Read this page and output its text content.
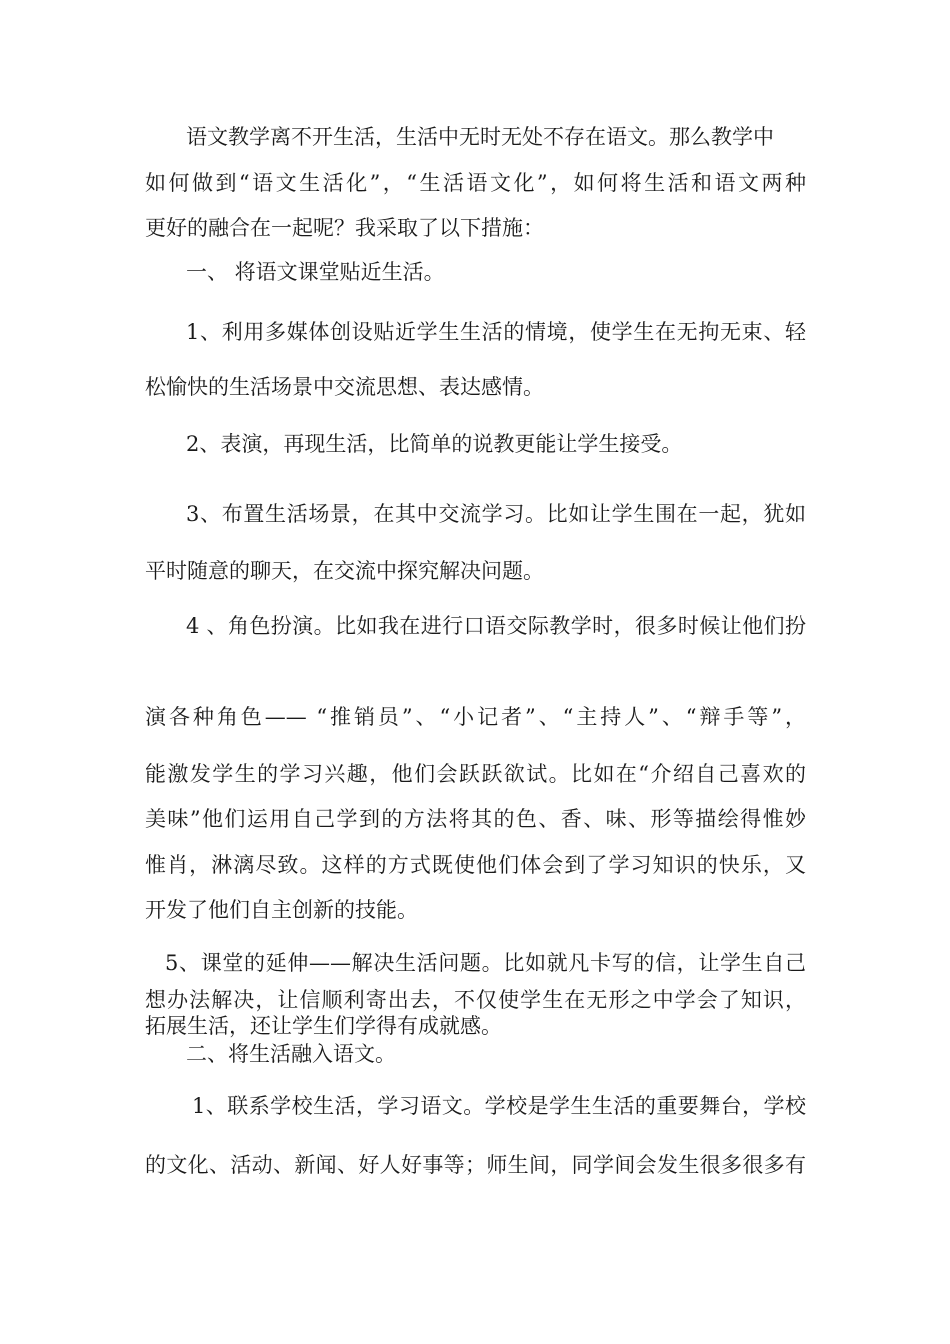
语文教学离不开生活，生活中无时无处不存在语文。那么教学中

如何做到“语文生活化”，“生活语文化”，如何将生活和语文两种

更好的融合在一起呢？我采取了以下措施：

一、 将语文课堂贴近生活。

1、利用多媒体创设贴近学生生活的情境，使学生在无拘无束、轻

松愉快的生活场景中交流思想、表达感情。

2、表演，再现生活，比简单的说教更能让学生接受。

3、布置生活场景，在其中交流学习。比如让学生围在一起，犹如

平时随意的聊天，在交流中探究解决问题。

4 、角色扮演。比如我在进行口语交际教学时，很多时候让他们扮

演各种角色—— “推销员”、“小记者”、“主持人”、“辩手等”，

能激发学生的学习兴趣，他们会跃跃欲试。比如在“介绍自己喜欢的

美味”他们运用自己学到的方法将其的色、香、味、形等描绘得惟妙

惟肖，淋漓尽致。这样的方式既使他们体会到了学习知识的快乐，又

开发了他们自主创新的技能。

5、课堂的延伸——解决生活问题。比如就凡卡写的信，让学生自己

想办法解决，让信顺利寄出去，不仅使学生在无形之中学会了知识，

拓展生活，还让学生们学得有成就感。

二、将生活融入语文。

1、联系学校生活，学习语文。学校是学生生活的重要舞台，学校

的文化、活动、新闻、好人好事等；师生间，同学间会发生很多很多有
